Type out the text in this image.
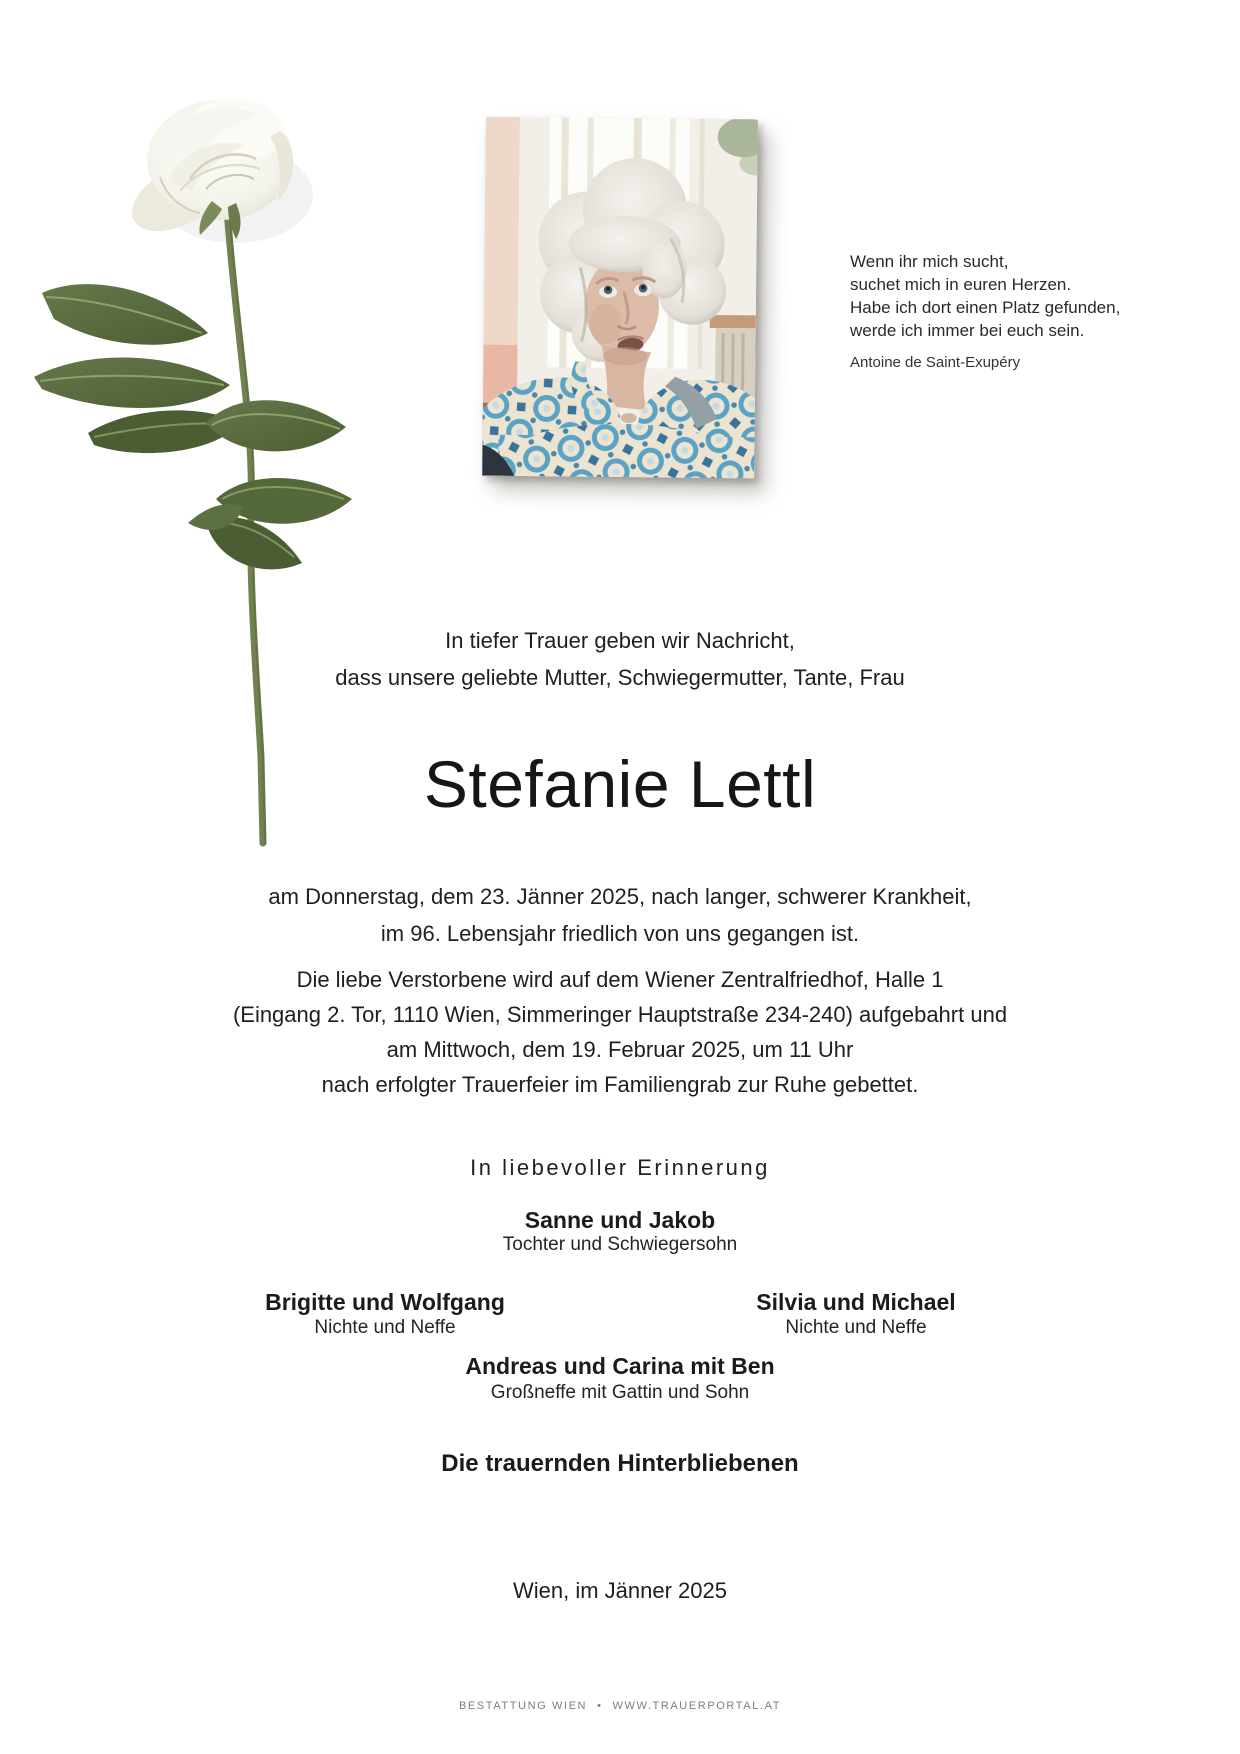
Wenn ihr mich sucht,
suchet mich in euren Herzen.
Habe ich dort einen Platz gefunden,
werde ich immer bei euch sein.
Antoine de Saint-Exupéry
In tiefer Trauer geben wir Nachricht,
dass unsere geliebte Mutter, Schwiegermutter, Tante, Frau
Stefanie Lettl
am Donnerstag, dem 23. Jänner 2025, nach langer, schwerer Krankheit,
im 96. Lebensjahr friedlich von uns gegangen ist.
Die liebe Verstorbene wird auf dem Wiener Zentralfriedhof, Halle 1
(Eingang 2. Tor, 1110 Wien, Simmeringer Hauptstraße 234-240) aufgebahrt und
am Mittwoch, dem 19. Februar 2025, um 11 Uhr
nach erfolgter Trauerfeier im Familiengrab zur Ruhe gebettet.
In liebevoller Erinnerung
Sanne und Jakob
Tochter und Schwiegersohn
Brigitte und Wolfgang
Nichte und Neffe
Silvia und Michael
Nichte und Neffe
Andreas und Carina mit Ben
Großneffe mit Gattin und Sohn
Die trauernden Hinterbliebenen
Wien, im Jänner 2025
BESTATTUNG WIEN • WWW.TRAUERPORTAL.AT
